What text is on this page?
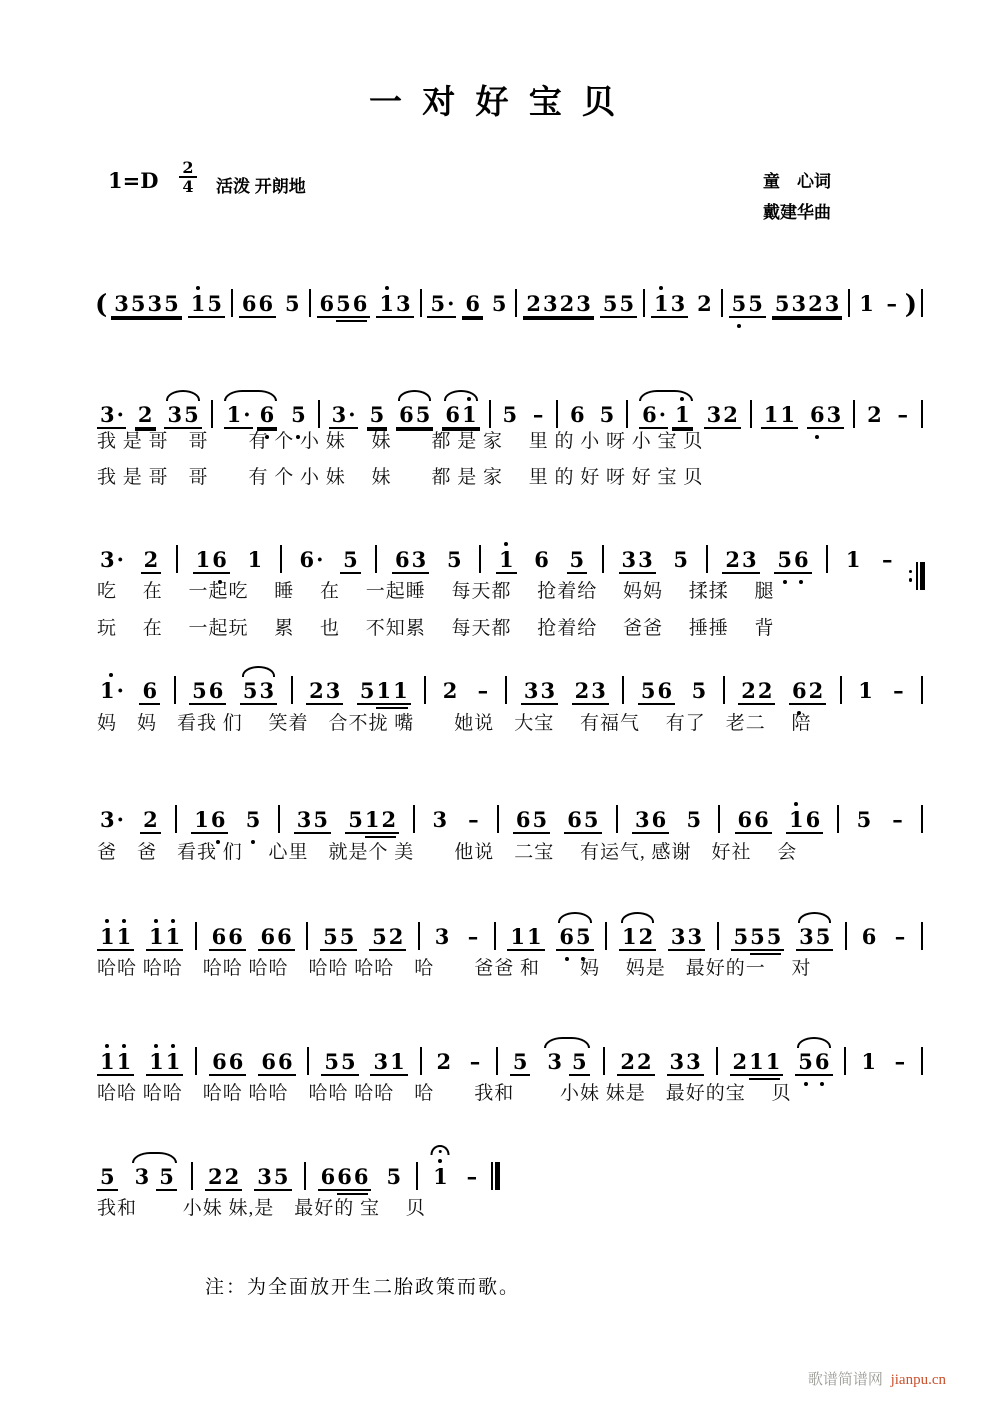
一 对 好 宝 贝
$1=D \frac{2}{4}$ 活泼 开朗地	童　心词
戴建华曲
( 3 5 3 5 1 5 6 6 5 6 5 6 1 3 5· 6 5 2 3 2 3 5 5 1 3 2 5 5 5 3 2 3 1 – )
3· 2 3 5 1· 6 5 3· 5 6 5 6 1 5 – 6 5 6· 1 3 2 1 1 6 3 2 –
我 是 哥　哥　　有 个 小 妹　 妹　　都 是 家　 里 的 小 呀 小 宝 贝
我 是 哥　哥　　有 个 小 妹　 妹　　都 是 家　 里 的 好 呀 好 宝 贝
3· 2 1 6 1 6· 5 6 3 5 1 6 5 3 3 5 2 3 5 6 1 –
吃　 在　 一起吃　 睡　 在　 一起睡　 每天都　 抢着给　 妈妈　 揉揉　 腿
玩　 在　 一起玩　 累　 也　 不知累　 每天都　 抢着给　 爸爸　 捶捶　 背
1· 6 5 6 5 3 2 3 5 1 1 2 – 3 3 2 3 5 6 5 2 2 6 2 1 –
妈　妈　看我 们　 笑着　合不拢 嘴　　她说　大宝　 有福气　 有了　老二　 陪
3· 2 1 6 5 3 5 5 1 2 3 – 6 5 6 5 3 6 5 6 6 1 6 5 –
爸　爸　看我 们　 心里　就是个 美　　他说　二宝　 有运气, 感谢　好社　 会
1 1 1 1 6 6 6 6 5 5 5 2 3 – 1 1 6 5 1 2 3 3 5 5 5 3 5 6 –
哈哈 哈哈　哈哈 哈哈　哈哈 哈哈　哈　　爸爸 和　　妈　 妈是　最好的一　 对
1 1 1 1 6 6 6 6 5 5 3 1 2 – 5 3 5 2 2 3 3 2 1 1 5 6 1 –
哈哈 哈哈　哈哈 哈哈　哈哈 哈哈　哈　　我和　　 小妹 妹是　最好的宝　 贝
5 3 5 2 2 3 5 6 6 6 5 1 –
我和　　 小妹 妹,是　最好的 宝　 贝
注：为全面放开生二胎政策而歌。
歌谱简谱网 jianpu.cn
